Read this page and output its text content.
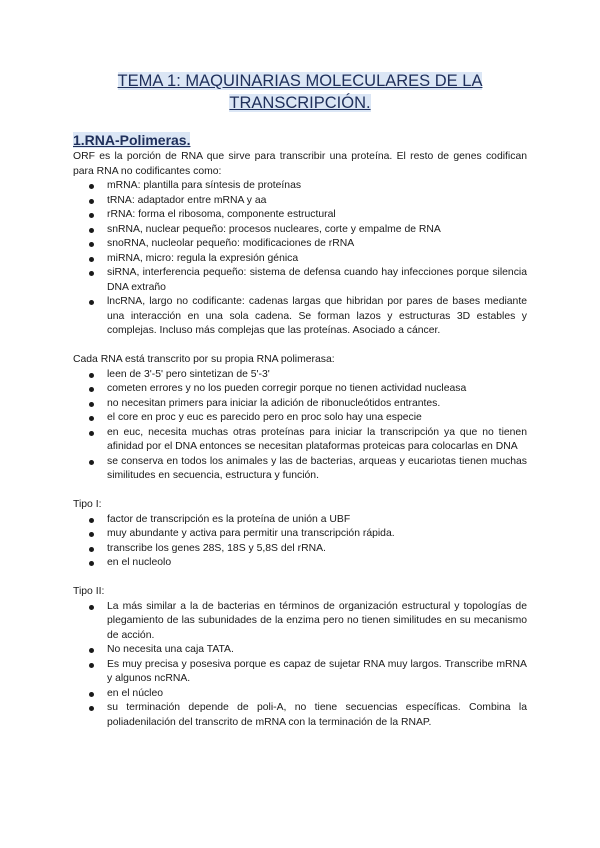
TEMA 1: MAQUINARIAS MOLECULARES DE LA
TRANSCRIPCIÓN.
1.RNA-Polimeras.

ORF es la porción de RNA que sirve para transcribir una proteína. El resto de genes codifican para RNA no codificantes como:

mRNA: plantilla para síntesis de proteínas
tRNA: adaptador entre mRNA y aa
rRNA: forma el ribosoma, componente estructural
snRNA, nuclear pequeño: procesos nucleares, corte y empalme de RNA
snoRNA, nucleolar pequeño: modificaciones de rRNA
miRNA, micro: regula la expresión génica
siRNA, interferencia pequeño: sistema de defensa cuando hay infecciones porque silencia DNA extraño
lncRNA, largo no codificante: cadenas largas que hibridan por pares de bases mediante una interacción en una sola cadena. Se forman lazos y estructuras 3D estables y complejas. Incluso más complejas que las proteínas. Asociado a cáncer.

Cada RNA está transcrito por su propia RNA polimerasa:

leen de 3'-5' pero sintetizan de 5'-3'
cometen errores y no los pueden corregir porque no tienen actividad nucleasa
no necesitan primers para iniciar la adición de ribonucleótidos entrantes.
el core en proc y euc es parecido pero en proc solo hay una especie
en euc, necesita muchas otras proteínas para iniciar la transcripción ya que no tienen afinidad por el DNA entonces se necesitan plataformas proteicas para colocarlas en DNA
se conserva en todos los animales y las de bacterias, arqueas y eucariotas tienen muchas similitudes en secuencia, estructura y función.

Tipo I:

factor de transcripción es la proteína de unión a UBF
muy abundante y activa para permitir una transcripción rápida.
transcribe los genes 28S, 18S y 5,8S del rRNA.
en el nucleolo

Tipo II:

La más similar a la de bacterias en términos de organización estructural y topologías de plegamiento de las subunidades de la enzima pero no tienen similitudes en su mecanismo de acción.
No necesita una caja TATA.
Es muy precisa y posesiva porque es capaz de sujetar RNA muy largos. Transcribe mRNA y algunos ncRNA.
en el núcleo
su terminación depende de poli-A, no tiene secuencias específicas. Combina la poliadenilación del transcrito de mRNA con la terminación de la RNAP.
